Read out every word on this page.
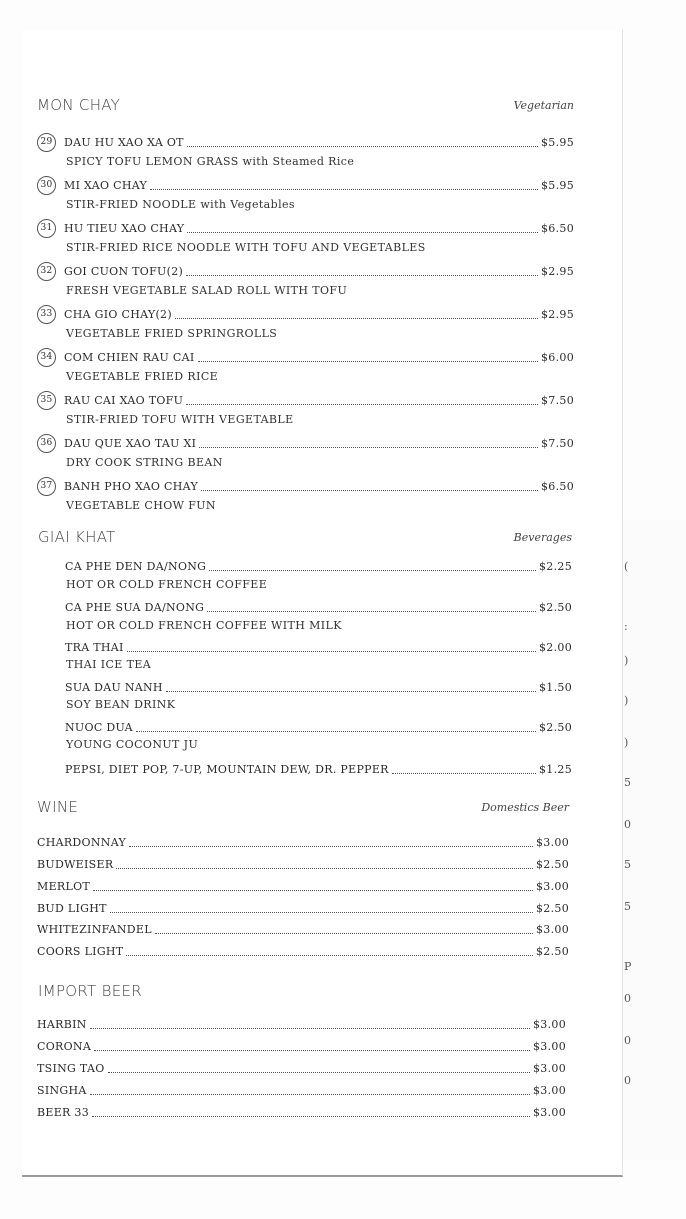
(
:
)
)
)
5
0
5
5
P
0
0
0
MON CHAY	Vegetarian
29	DAU HU XAO XA OT	$5.95
SPICY TOFU LEMON GRASS with Steamed Rice
30	MI XAO CHAY	$5.95
STIR-FRIED NOODLE with Vegetables
31	HU TIEU XAO CHAY	$6.50
STIR-FRIED RICE NOODLE WITH TOFU AND VEGETABLES
32	GOI CUON TOFU(2)	$2.95
FRESH VEGETABLE SALAD ROLL WITH TOFU
33	CHA GIO CHAY(2)	$2.95
VEGETABLE FRIED SPRINGROLLS
34	COM CHIEN RAU CAI	$6.00
VEGETABLE FRIED RICE
35	RAU CAI XAO TOFU	$7.50
STIR-FRIED TOFU WITH VEGETABLE
36	DAU QUE XAO TAU XI	$7.50
DRY COOK STRING BEAN
37	BANH PHO XAO CHAY	$6.50
VEGETABLE CHOW FUN
GIAI KHAT	Beverages
CA PHE DEN DA/NONG	$2.25
HOT OR COLD FRENCH COFFEE
CA PHE SUA DA/NONG	$2.50
HOT OR COLD FRENCH COFFEE WITH MILK
TRA THAI	$2.00
THAI ICE TEA
SUA DAU NANH	$1.50
SOY BEAN DRINK
NUOC DUA	$2.50
YOUNG COCONUT JU
PEPSI, DIET POP, 7-UP, MOUNTAIN DEW, DR. PEPPER	$1.25
WINE	Domestics Beer
CHARDONNAY	$3.00
BUDWEISER	$2.50
MERLOT	$3.00
BUD LIGHT	$2.50
WHITEZINFANDEL	$3.00
COORS LIGHT	$2.50
IMPORT BEER
HARBIN	$3.00
CORONA	$3.00
TSING TAO	$3.00
SINGHA	$3.00
BEER 33	$3.00
